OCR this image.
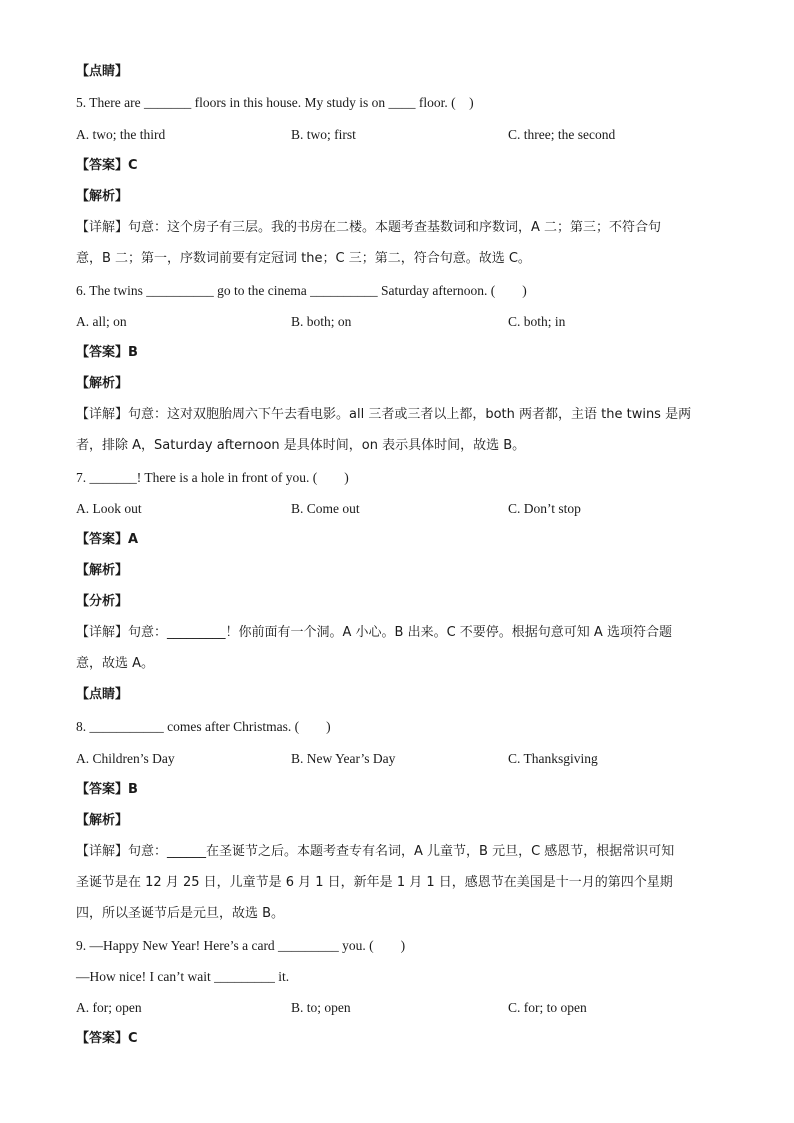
【点睛】
5. There are _______ floors in this house. My study is on ____ floor. (　)
A. two; the third	B. two; first	C. three; the second
【答案】C
【解析】
【详解】句意：这个房子有三层。我的书房在二楼。本题考查基数词和序数词，A 二；第三；不符合句
意，B 二；第一，序数词前要有定冠词 the；C 三；第二，符合句意。故选 C。
6. The twins __________ go to the cinema __________ Saturday afternoon. (　　)
A. all; on	B. both; on	C. both; in
【答案】B
【解析】
【详解】句意：这对双胞胎周六下午去看电影。all 三者或三者以上都，both 两者都，主语 the twins 是两
者，排除 A，Saturday afternoon 是具体时间，on 表示具体时间，故选 B。
7. _______! There is a hole in front of you. (　　)
A. Look out	B. Come out	C. Don’t stop
【答案】A
【解析】
【分析】
【详解】句意：_________！你前面有一个洞。A 小心。B 出来。C 不要停。根据句意可知 A 选项符合题
意，故选 A。
【点睛】
8. ___________ comes after Christmas. (　　)
A. Children’s Day	B. New Year’s Day	C. Thanksgiving
【答案】B
【解析】
【详解】句意：______在圣诞节之后。本题考查专有名词，A 儿童节，B 元旦，C 感恩节，根据常识可知
圣诞节是在 12 月 25 日，儿童节是 6 月 1 日，新年是 1 月 1 日，感恩节在美国是十一月的第四个星期
四，所以圣诞节后是元旦，故选 B。
9. —Happy New Year! Here’s a card _________ you. (　　)
—How nice! I can’t wait _________ it.
A. for; open	B. to; open	C. for; to open
【答案】C
